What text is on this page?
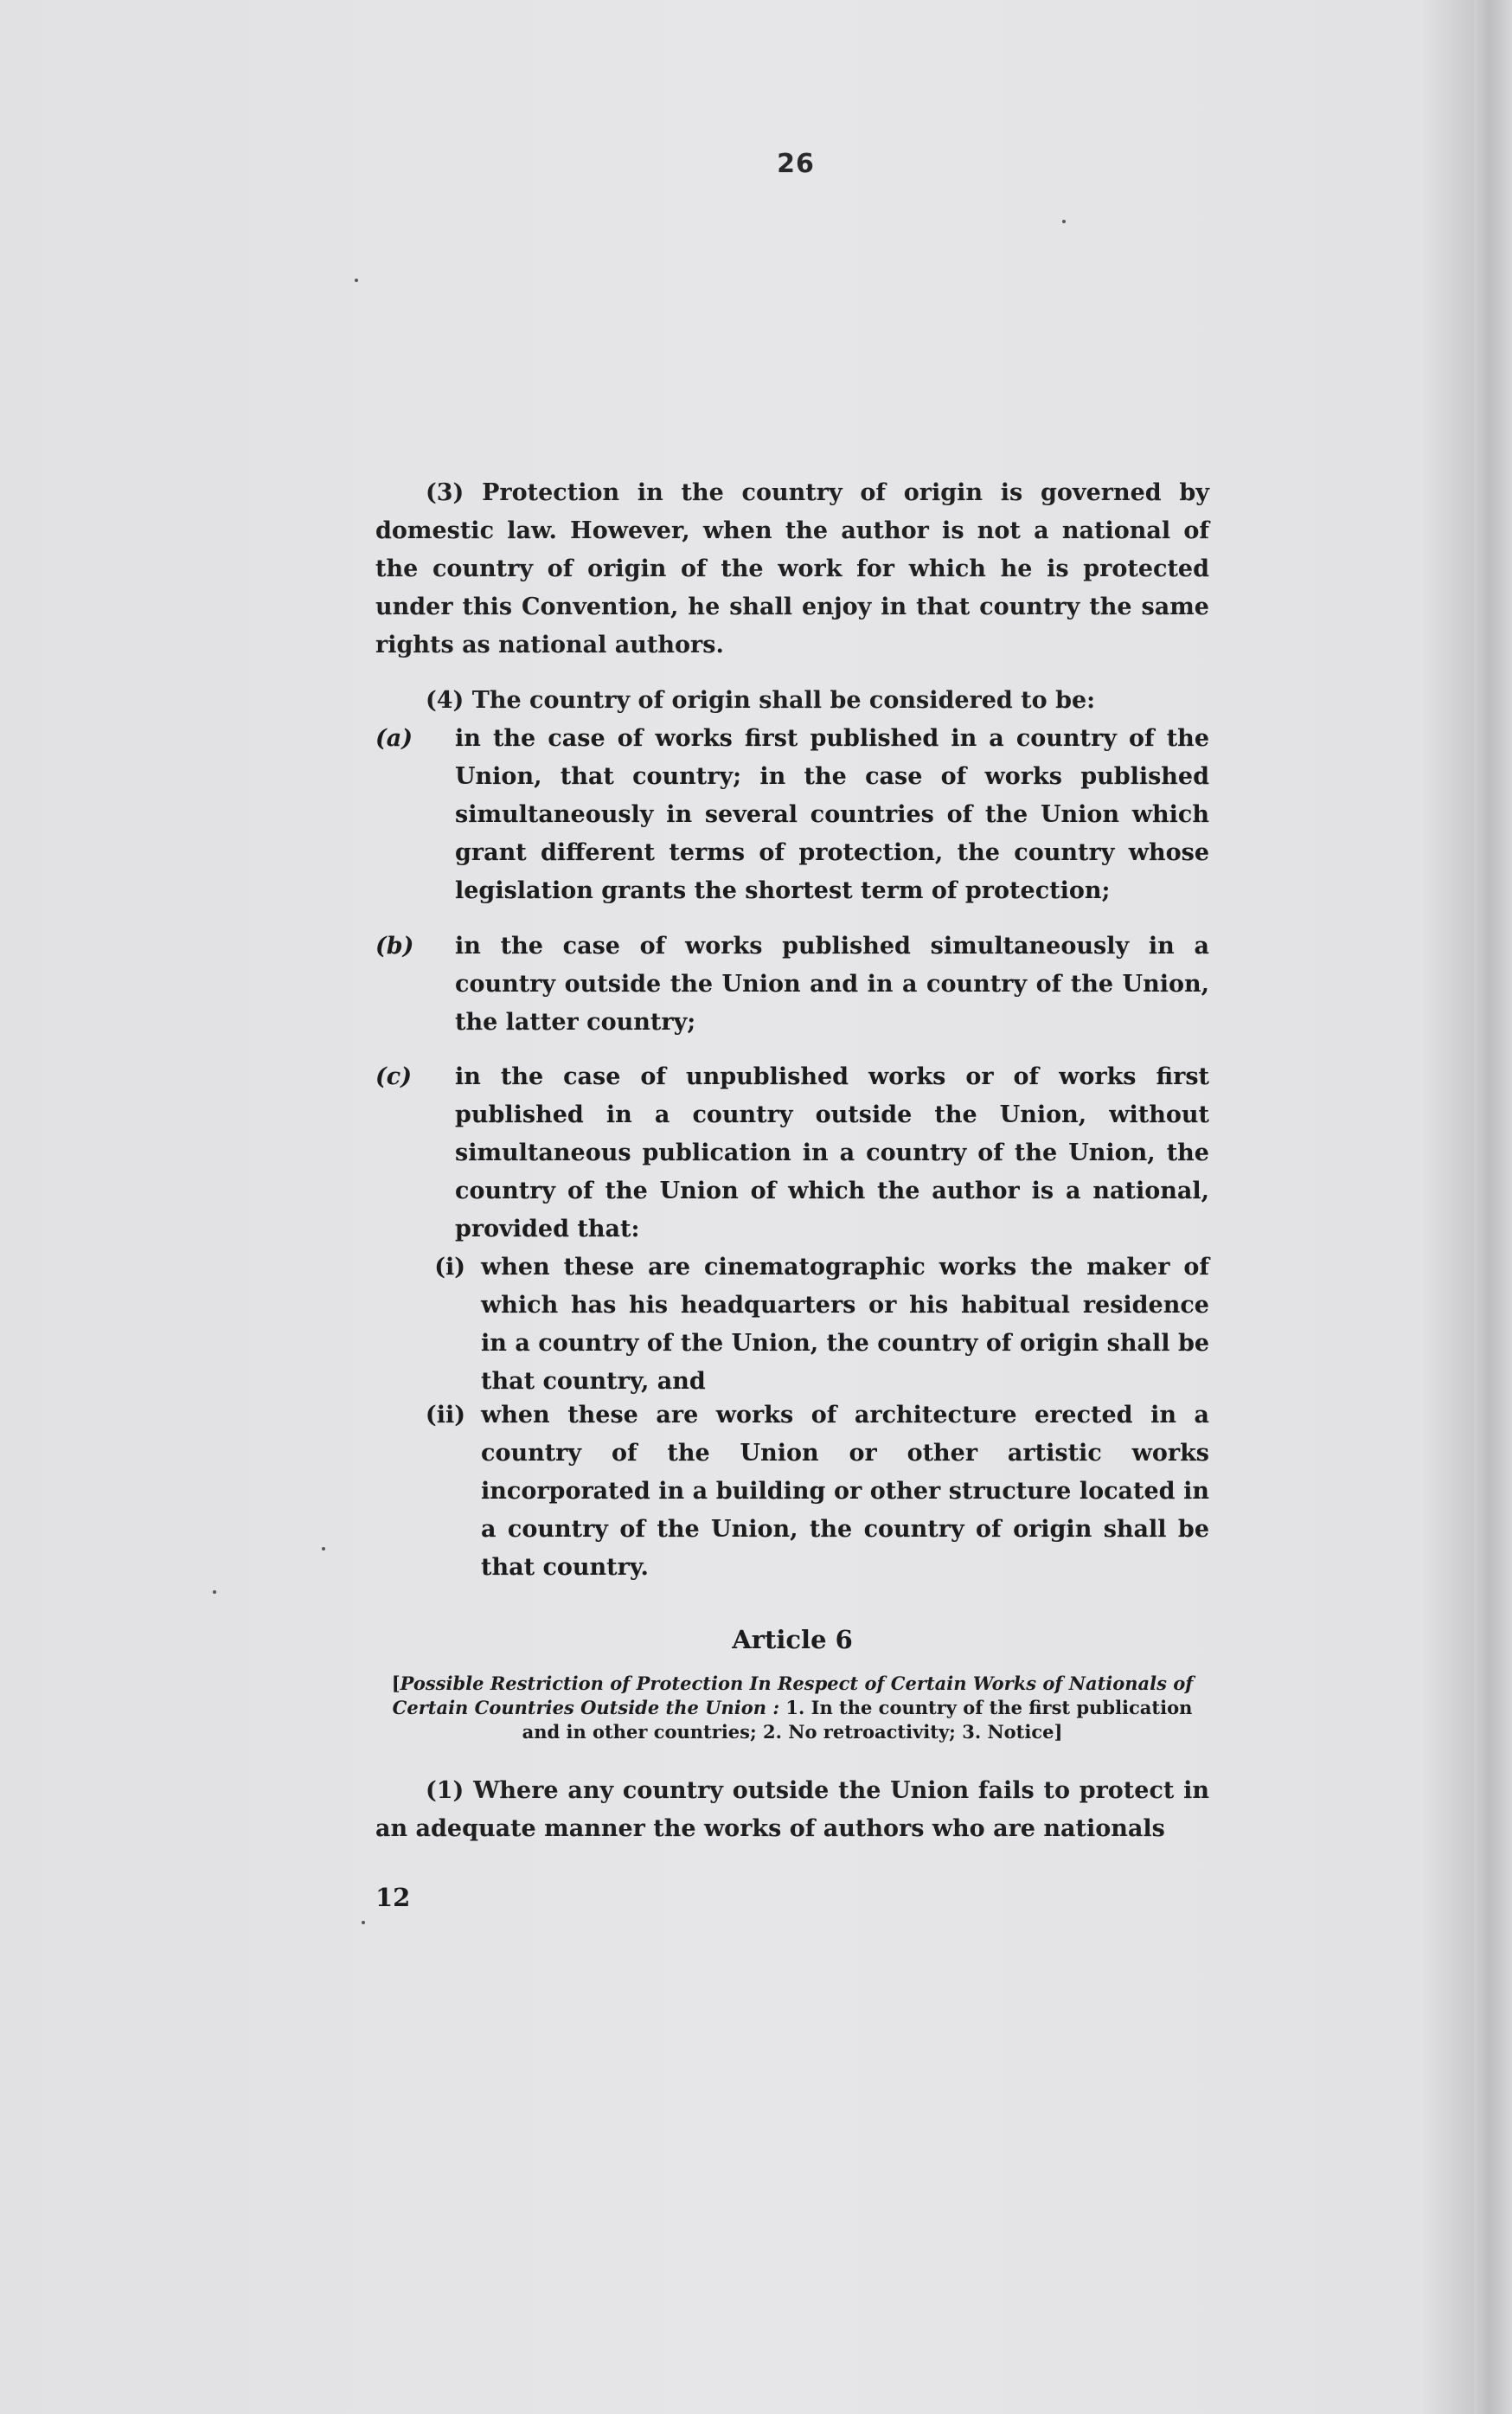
26

(3) Protection in the country of origin is governed by domestic law. However, when the author is not a national of the country of origin of the work for which he is protected under this Convention, he shall enjoy in that country the same rights as national authors.

(4) The country of origin shall be considered to be:

(a) in the case of works first published in a country of the Union, that country; in the case of works published simultaneously in several countries of the Union which grant different terms of protection, the country whose legislation grants the shortest term of protection;
(b) in the case of works published simultaneously in a country outside the Union and in a country of the Union, the latter country;
(c) in the case of unpublished works or of works first published in a country outside the Union, without simultaneous publication in a country of the Union, the country of the Union of which the author is a national, provided that:
(i) when these are cinematographic works the maker of which has his headquarters or his habitual residence in a country of the Union, the country of origin shall be that country, and
(ii) when these are works of architecture erected in a country of the Union or other artistic works incorporated in a building or other structure located in a country of the Union, the country of origin shall be that country.
Article 6
[Possible Restriction of Protection In Respect of Certain Works of Nationals of Certain Countries Outside the Union : 1. In the country of the first publication and in other countries; 2. No retroactivity; 3. Notice]

(1) Where any country outside the Union fails to protect in an adequate manner the works of authors who are nationals

12
